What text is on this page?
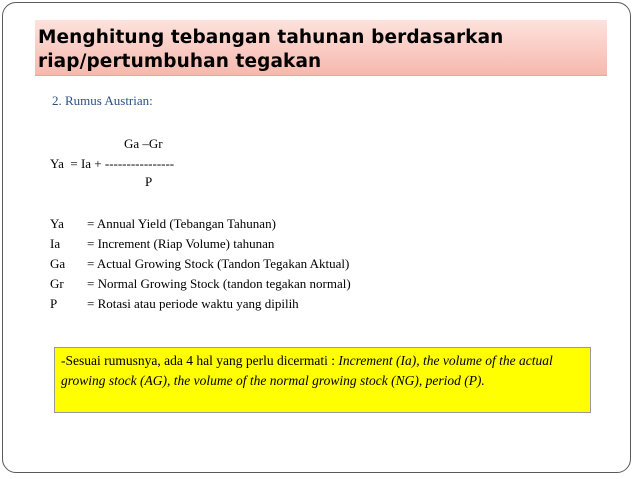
Menghitung tebangan tahunan berdasarkan
riap/pertumbuhan tegakan
2. Rumus Austrian:
Ga –Gr
Ya  = Ia + ----------------
P
Ya = Annual Yield (Tebangan Tahunan)
Ia = Increment (Riap Volume) tahunan
Ga = Actual Growing Stock (Tandon Tegakan Aktual)
Gr = Normal Growing Stock (tandon tegakan normal)
P = Rotasi atau periode waktu yang dipilih
-Sesuai rumusnya, ada 4 hal yang perlu dicermati : Increment (Ia), the volume of the actual growing stock (AG), the volume of the normal growing stock (NG), period (P).
